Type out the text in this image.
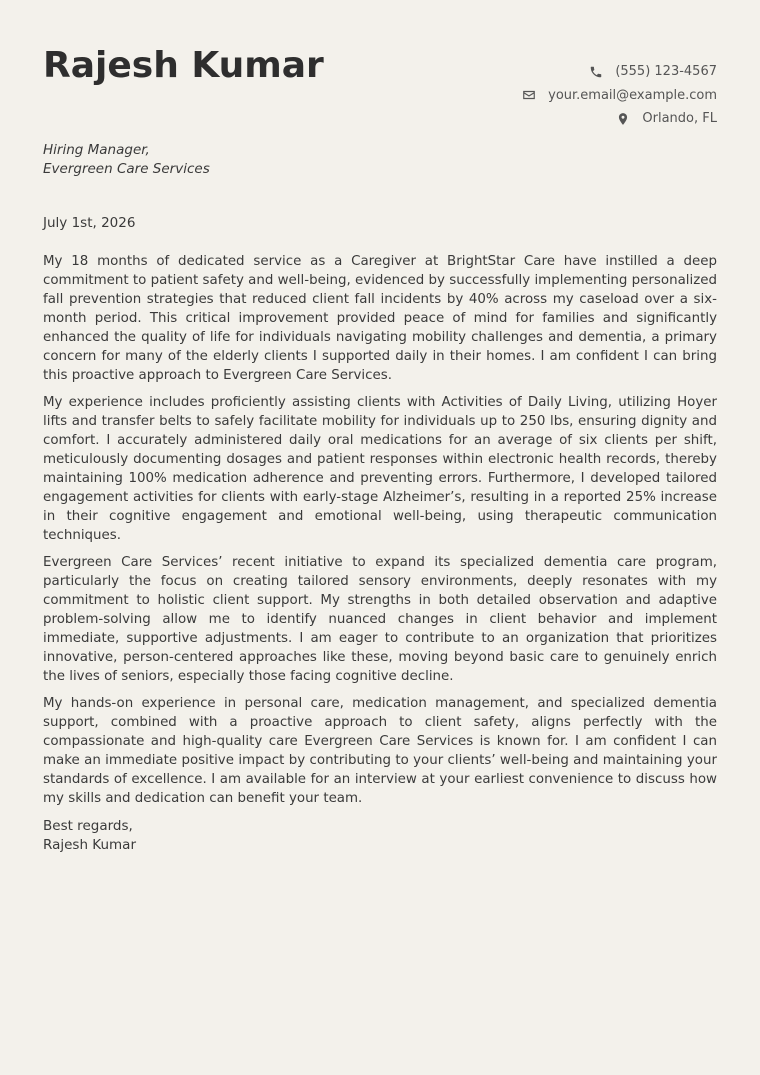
Rajesh Kumar	(555) 123-4567
your.email@example.com
Orlando, FL
Hiring Manager,
Evergreen Care Services
July 1st, 2026

My 18 months of dedicated service as a Caregiver at BrightStar Care have instilled a deep commitment to patient safety and well-being, evidenced by successfully implementing personalized fall prevention strategies that reduced client fall incidents by 40% across my caseload over a six-month period. This critical improvement provided peace of mind for families and significantly enhanced the quality of life for individuals navigating mobility challenges and dementia, a primary concern for many of the elderly clients I supported daily in their homes. I am confident I can bring this proactive approach to Evergreen Care Services.

My experience includes proficiently assisting clients with Activities of Daily Living, utilizing Hoyer lifts and transfer belts to safely facilitate mobility for individuals up to 250 lbs, ensuring dignity and comfort. I accurately administered daily oral medications for an average of six clients per shift, meticulously documenting dosages and patient responses within electronic health records, thereby maintaining 100% medication adherence and preventing errors. Furthermore, I developed tailored engagement activities for clients with early-stage Alzheimer’s, resulting in a reported 25% increase in their cognitive engagement and emotional well-being, using therapeutic communication techniques.

Evergreen Care Services’ recent initiative to expand its specialized dementia care program, particularly the focus on creating tailored sensory environments, deeply resonates with my commitment to holistic client support. My strengths in both detailed observation and adaptive problem-solving allow me to identify nuanced changes in client behavior and implement immediate, supportive adjustments. I am eager to contribute to an organization that prioritizes innovative, person-centered approaches like these, moving beyond basic care to genuinely enrich the lives of seniors, especially those facing cognitive decline.

My hands-on experience in personal care, medication management, and specialized dementia support, combined with a proactive approach to client safety, aligns perfectly with the compassionate and high-quality care Evergreen Care Services is known for. I am confident I can make an immediate positive impact by contributing to your clients’ well-being and maintaining your standards of excellence. I am available for an interview at your earliest convenience to discuss how my skills and dedication can benefit your team.

Best regards,
Rajesh Kumar
